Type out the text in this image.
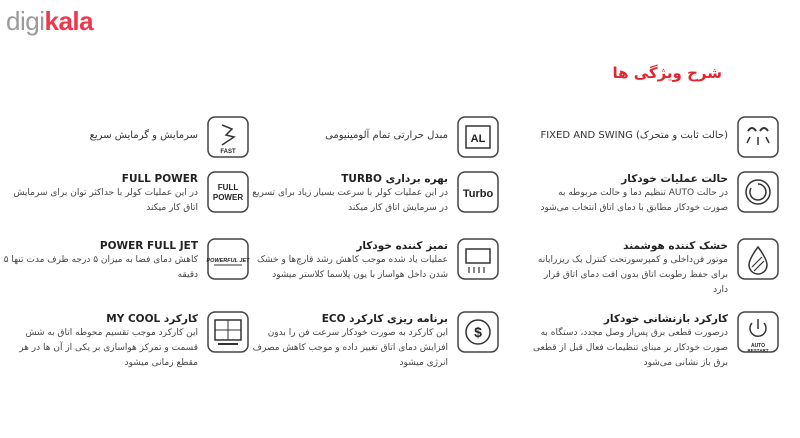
digikala
شرح ویژگی ها
(حالت ثابت و متحرک) FIXED AND SWING
AL
مبدل حرارتی تمام آلومینیومی
FAST
سرمایش و گرمایش سریع
حالت عملیات خودکار
در حالت AUTO تنظیم دما و حالت مربوطه به صورت خودکار مطابق با دمای اتاق انتخاب می‌شود
Turbo
بهره برداری TURBO
در این عملیات کولر با سرعت بسیار زیاد برای تسریع در سرمایش اتاق کار میکند
FULL
POWER
FULL POWER
در این عملیات کولر با حداکثر توان برای سرمایش اتاق کار میکند
خشک کننده هوشمند
موتور فن‌داخلی و کمپرسورتحت کنترل یک ریزرایانه برای حفظ رطوبت اتاق بدون افت دمای اتاق قرار دارد
تمیز کننده خودکار
عملیات یاد شده موجب کاهش رشد قارچ‌ها و خشک شدن داخل هواساز با یون پلاسما کلاستر میشود
POWERFUL JET
POWER FULL JET
کاهش دمای فضا به میزان ۵ درجه ظرف مدت تنها ۵ دقیقه
AUTO
RESTART
کارکرد بازنشانی خودکار
درصورت قطعی برق پس‌از وصل مجدد، دستگاه به صورت خودکار بر مبنای تنظیمات فعال قبل از قطعی برق باز نشانی می‌شود
$
برنامه ریزی کارکرد ECO
این کارکرد به صورت خودکار سرعت فن را بدون افزایش دمای اتاق تغییر داده و موجب کاهش مصرف انرژی میشود
کارکرد MY COOL
این کارکرد موجب تقسیم محوطه اتاق به شش قسمت و تمرکز هواسازی بر یکی از آن ها در هر مقطع زمانی میشود
